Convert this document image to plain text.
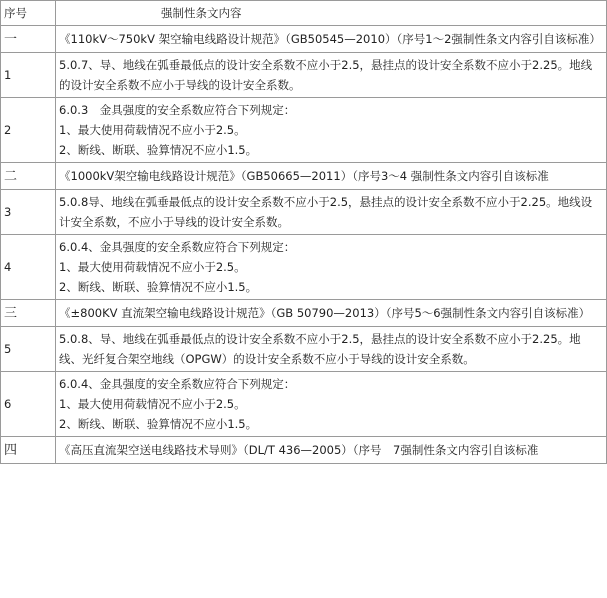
序号	强制性条文内容
一	《110kV～750kV 架空输电线路设计规范》（GB50545—2010）（序号1～2强制性条文内容引自该标准）

1	5.0.7、导、地线在弧垂最低点的设计安全系数不应小于2.5，悬挂点的设计安全系数不应小于2.25。地线的设计安全系数不应小于导线的设计安全系数。

2	6.0.3　金具强度的安全系数应符合下列规定：
1、最大使用荷载情况不应小于2.5。
2、断线、断联、验算情况不应小1.5。

二	《1000kV架空输电线路设计规范》（GB50665—2011）（序号3～4 强制性条文内容引自该标准

3	5.0.8导、地线在弧垂最低点的设计安全系数不应小于2.5，悬挂点的设计安全系数不应小于2.25。地线设计安全系数，不应小于导线的设计安全系数。

4	6.0.4、金具强度的安全系数应符合下列规定：
1、最大使用荷载情况不应小于2.5。
2、断线、断联、验算情况不应小1.5。

三	《±800KV 直流架空输电线路设计规范》（GB 50790—2013）（序号5～6强制性条文内容引自该标准）

5	5.0.8、导、地线在弧垂最低点的设计安全系数不应小于2.5，悬挂点的设计安全系数不应小于2.25。地线、光纤复合架空地线（OPGW）的设计安全系数不应小于导线的设计安全系数。

6	6.0.4、金具强度的安全系数应符合下列规定：
1、最大使用荷载情况不应小于2.5。
2、断线、断联、验算情况不应小1.5。

四	《高压直流架空送电线路技术导则》（DL/T 436—2005）（序号　7强制性条文内容引自该标准
